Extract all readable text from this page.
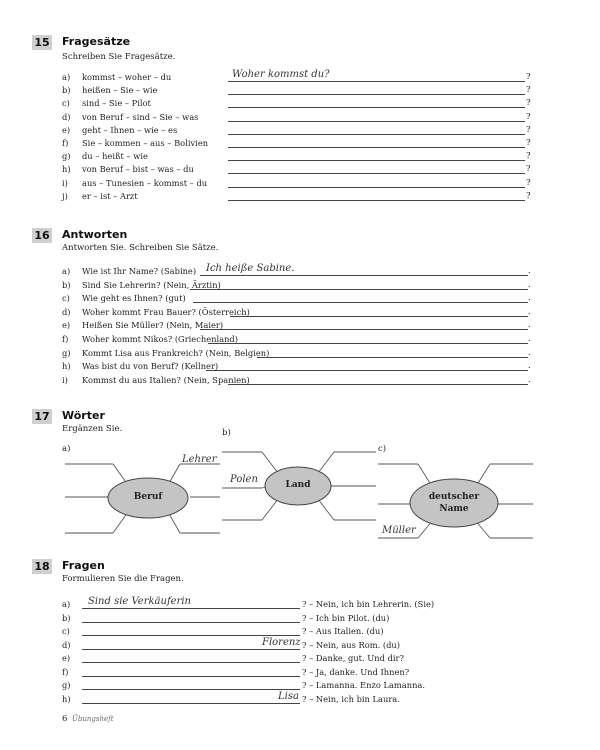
15 Fragesätze
Schreiben Sie Fragesätze.
a) kommst – woher – du	?
Woher kommst du?
b) heißen – Sie – wie	?
c) sind – Sie – Pilot	?
d) von Beruf – sind – Sie – was	?
e) geht – Ihnen – wie – es	?
f) Sie – kommen – aus – Bolivien	?
g) du – heißt – wie	?
h) von Beruf – bist – was – du	?
i) aus – Tunesien – kommst – du	?
j) er – ist – Arzt	?
16 Antworten
Antworten Sie. Schreiben Sie Sätze.
a) Wie ist Ihr Name? (Sabine)	.
Ich heiße Sabine.
b) Sind Sie Lehrerin? (Nein, Ärztin)	.
c) Wie geht es Ihnen? (gut)	.
d) Woher kommt Frau Bauer? (Österreich)	.
e) Heißen Sie Müller? (Nein, Maier)	.
f) Woher kommt Nikos? (Griechenland)	.
g) Kommt Lisa aus Frankreich? (Nein, Belgien)	.
h) Was bist du von Beruf? (Kellner)	.
i) Kommst du aus Italien? (Nein, Spanien)	.
17 Wörter
Ergänzen Sie.
a)
b)
c)
Beruf
Land
deutscher
Name
Lehrer
Polen
Müller
18 Fragen
Formulieren Sie die Fragen.
a) Sind sie Verkäuferin	? – Nein, ich bin Lehrerin. (Sie)
b)	? – Ich bin Pilot. (du)
c)	? – Aus Italien. (du)
d)	Florenz ? – Nein, aus Rom. (du)
e)	? – Danke, gut. Und dir?
f)	? – Ja, danke. Und Ihnen?
g)	? – Lamanna. Enzo Lamanna.
h)	Lisa ? – Nein, ich bin Laura.
6 Übungsheft
